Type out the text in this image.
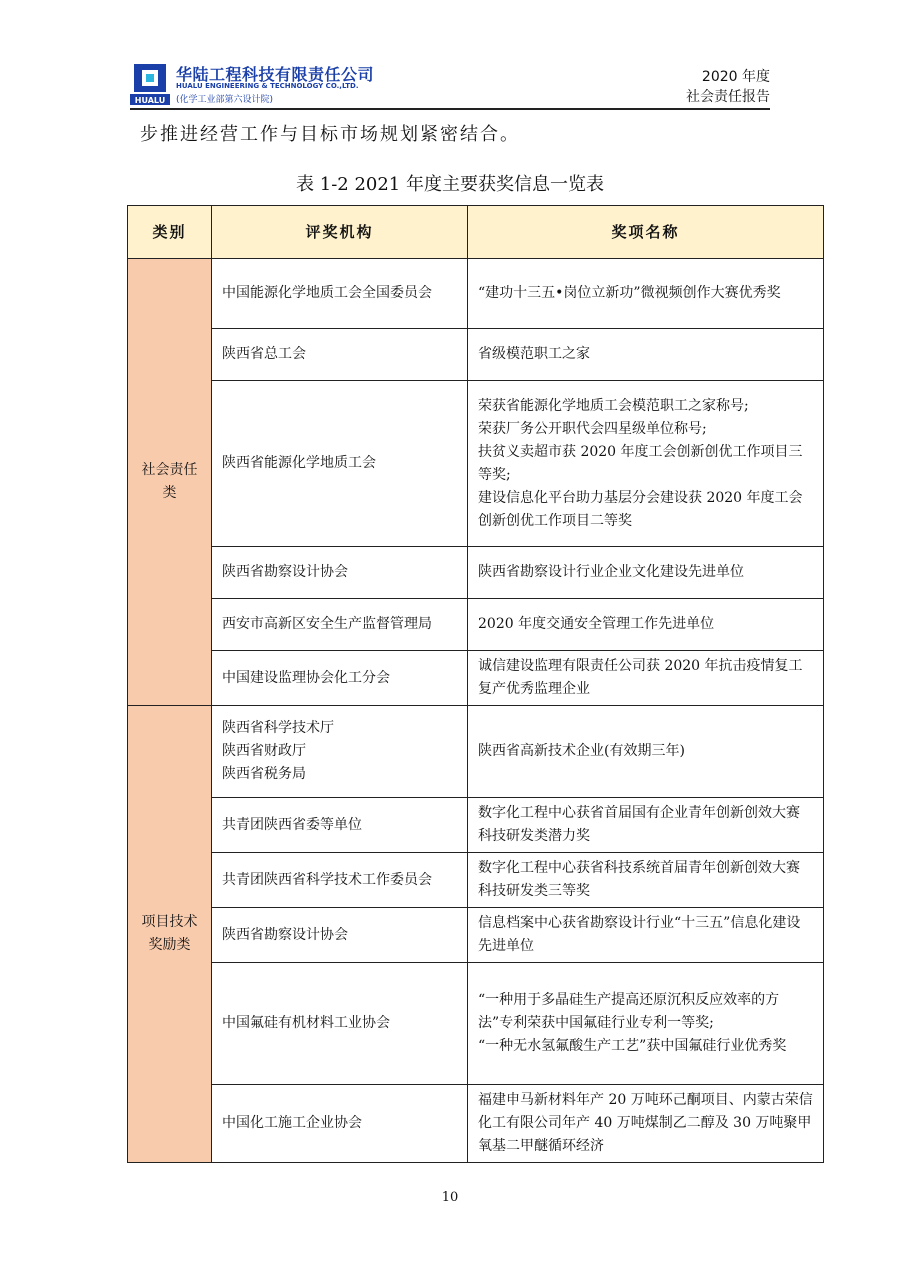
HUALU
华陆工程科技有限责任公司
HUALU ENGINEERING & TECHNOLOGY CO.,LTD.
(化学工业部第六设计院)
2020 年度
社会责任报告
步推进经营工作与目标市场规划紧密结合。
表 1-2 2021 年度主要获奖信息一览表
类别	评奖机构	奖项名称
社会责任类	中国能源化学地质工会全国委员会	“建功十三五•岗位立新功”微视频创作大赛优秀奖
	陕西省总工会	省级模范职工之家
	陕西省能源化学地质工会	荣获省能源化学地质工会模范职工之家称号;
荣获厂务公开职代会四星级单位称号;
扶贫义卖超市获 2020 年度工会创新创优工作项目三等奖;
建设信息化平台助力基层分会建设获 2020 年度工会创新创优工作项目二等奖
	陕西省勘察设计协会	陕西省勘察设计行业企业文化建设先进单位
	西安市高新区安全生产监督管理局	2020 年度交通安全管理工作先进单位
	中国建设监理协会化工分会	诚信建设监理有限责任公司获 2020 年抗击疫情复工复产优秀监理企业
项目技术奖励类	陕西省科学技术厅
陕西省财政厅
陕西省税务局	陕西省高新技术企业(有效期三年)
	共青团陕西省委等单位	数字化工程中心获省首届国有企业青年创新创效大赛科技研发类潜力奖
	共青团陕西省科学技术工作委员会	数字化工程中心获省科技系统首届青年创新创效大赛科技研发类三等奖
	陕西省勘察设计协会	信息档案中心获省勘察设计行业“十三五”信息化建设先进单位
	中国氟硅有机材料工业协会	“一种用于多晶硅生产提高还原沉积反应效率的方法”专利荣获中国氟硅行业专利一等奖;
“一种无水氢氟酸生产工艺”获中国氟硅行业优秀奖
	中国化工施工企业协会	福建申马新材料年产 20 万吨环己酮项目、内蒙古荣信化工有限公司年产 40 万吨煤制乙二醇及 30 万吨聚甲氧基二甲醚循环经济
10
